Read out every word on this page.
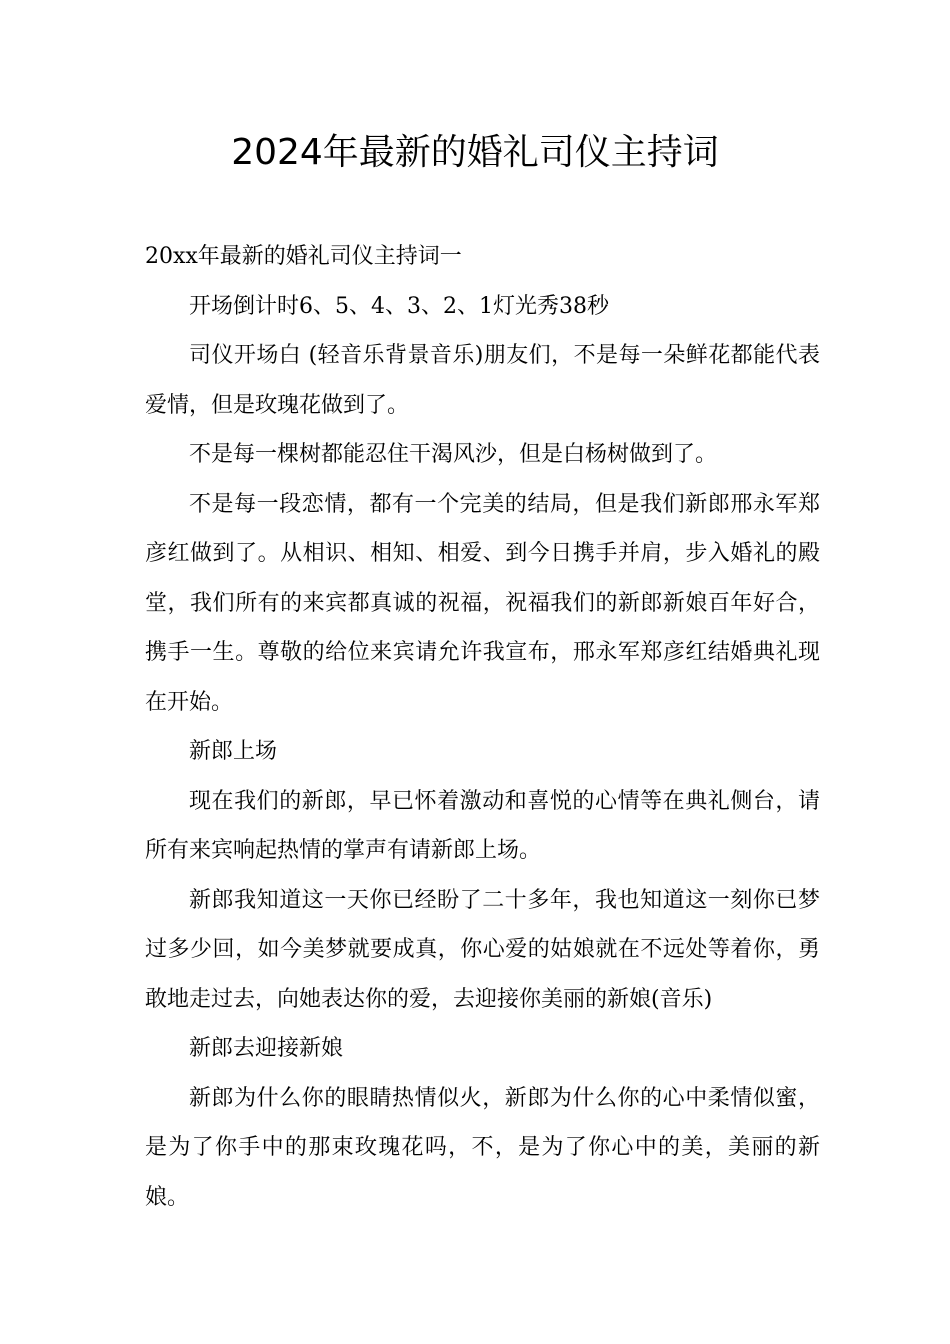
2024年最新的婚礼司仪主持词

20xx年最新的婚礼司仪主持词一

开场倒计时6、5、4、3、2、1灯光秀38秒

司仪开场白 (轻音乐背景音乐)朋友们，不是每一朵鲜花都能代表爱情，但是玫瑰花做到了。

不是每一棵树都能忍住干渴风沙，但是白杨树做到了。

不是每一段恋情，都有一个完美的结局，但是我们新郎邢永军郑彦红做到了。从相识、相知、相爱、到今日携手并肩，步入婚礼的殿堂，我们所有的来宾都真诚的祝福，祝福我们的新郎新娘百年好合，携手一生。尊敬的给位来宾请允许我宣布，邢永军郑彦红结婚典礼现在开始。

新郎上场

现在我们的新郎，早已怀着激动和喜悦的心情等在典礼侧台，请所有来宾响起热情的掌声有请新郎上场。

新郎我知道这一天你已经盼了二十多年，我也知道这一刻你已梦过多少回，如今美梦就要成真，你心爱的姑娘就在不远处等着你，勇敢地走过去，向她表达你的爱，去迎接你美丽的新娘(音乐)

新郎去迎接新娘

新郎为什么你的眼睛热情似火，新郎为什么你的心中柔情似蜜，是为了你手中的那束玫瑰花吗，不，是为了你心中的美，美丽的新娘。
